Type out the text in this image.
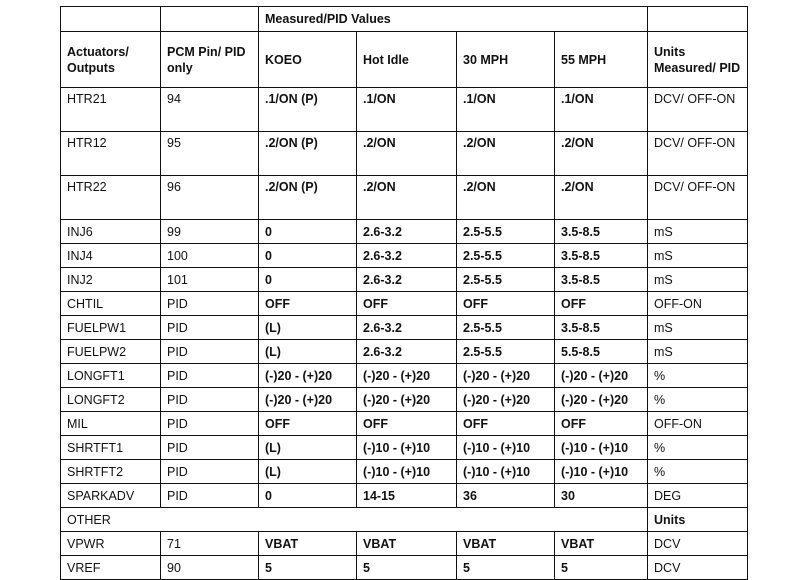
		Measured/PID Values				
Actuators/ Outputs	PCM Pin/ PID only	KOEO	Hot Idle	30 MPH	55 MPH	Units Measured/ PID
HTR21	94	.1/ON (P)	.1/ON	.1/ON	.1/ON	DCV/ OFF-ON
HTR12	95	.2/ON (P)	.2/ON	.2/ON	.2/ON	DCV/ OFF-ON
HTR22	96	.2/ON (P)	.2/ON	.2/ON	.2/ON	DCV/ OFF-ON
INJ6	99	0	2.6-3.2	2.5-5.5	3.5-8.5	mS
INJ4	100	0	2.6-3.2	2.5-5.5	3.5-8.5	mS
INJ2	101	0	2.6-3.2	2.5-5.5	3.5-8.5	mS
CHTIL	PID	OFF	OFF	OFF	OFF	OFF-ON
FUELPW1	PID	(L)	2.6-3.2	2.5-5.5	3.5-8.5	mS
FUELPW2	PID	(L)	2.6-3.2	2.5-5.5	5.5-8.5	mS
LONGFT1	PID	(-)20 - (+)20	(-)20 - (+)20	(-)20 - (+)20	(-)20 - (+)20	%
LONGFT2	PID	(-)20 - (+)20	(-)20 - (+)20	(-)20 - (+)20	(-)20 - (+)20	%
MIL	PID	OFF	OFF	OFF	OFF	OFF-ON
SHRTFT1	PID	(L)	(-)10 - (+)10	(-)10 - (+)10	(-)10 - (+)10	%
SHRTFT2	PID	(L)	(-)10 - (+)10	(-)10 - (+)10	(-)10 - (+)10	%
SPARKADV	PID	0	14-15	36	30	DEG
OTHER						Units
VPWR	71	VBAT	VBAT	VBAT	VBAT	DCV
VREF	90	5	5	5	5	DCV
